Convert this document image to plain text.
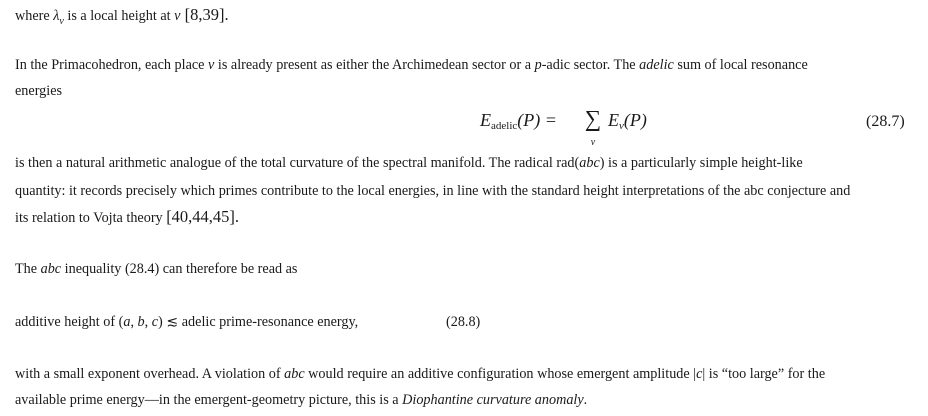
where $\lambda_v$ is a local height at v [8,39].
In the Primacohedron, each place v is already present as either the Archimedean sector or a p-adic sector. The adelic sum of local resonance
energies
$E_{adelic}(P)$ = ∑
v
$E_v(P)$	(28.7)
is then a natural arithmetic analogue of the total curvature of the spectral manifold. The radical rad(abc) is a particularly simple height-like
quantity: it records precisely which primes contribute to the local energies, in line with the standard height interpretations of the abc conjecture and
its relation to Vojta theory [40,44,45].
The abc inequality (28.4) can therefore be read as
additive height of (a, b, c) ≲ adelic prime-resonance energy,	(28.8)
with a small exponent overhead. A violation of abc would require an additive configuration whose emergent amplitude |c| is “too large” for the
available prime energy—in the emergent-geometry picture, this is a Diophantine curvature anomaly.
